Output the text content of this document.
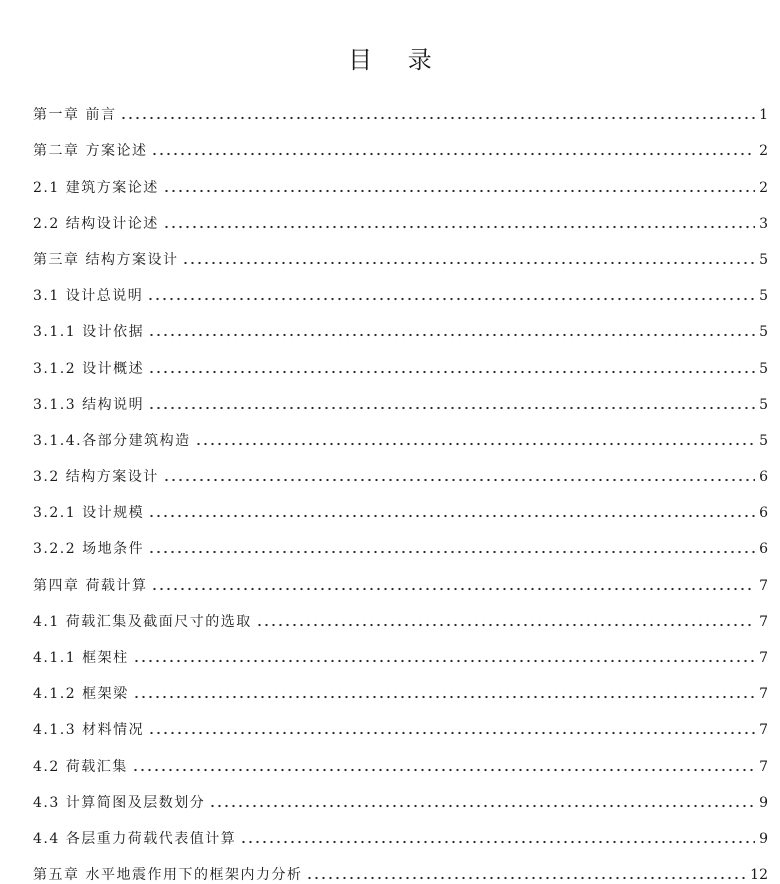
目 录
第一章 前言	1
第二章 方案论述	2
2.1 建筑方案论述	2
2.2 结构设计论述	3
第三章 结构方案设计	5
3.1 设计总说明	5
3.1.1 设计依据	5
3.1.2 设计概述	5
3.1.3 结构说明	5
3.1.4.各部分建筑构造	5
3.2 结构方案设计	6
3.2.1 设计规模	6
3.2.2 场地条件	6
第四章 荷载计算	7
4.1 荷载汇集及截面尺寸的选取	7
4.1.1 框架柱	7
4.1.2 框架梁	7
4.1.3 材料情况	7
4.2 荷载汇集	7
4.3 计算简图及层数划分	9
4.4 各层重力荷载代表值计算	9
第五章 水平地震作用下的框架内力分析	12
